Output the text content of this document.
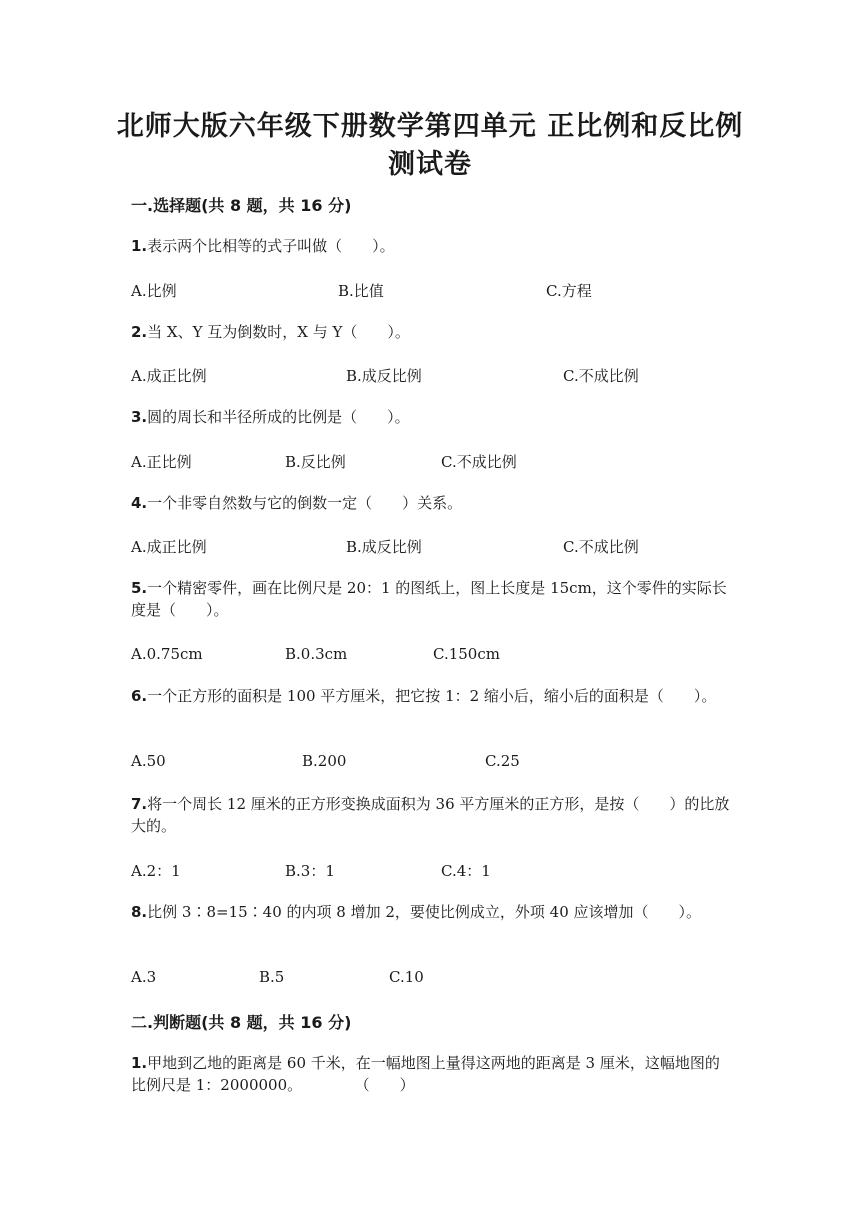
北师大版六年级下册数学第四单元 正比例和反比例
测试卷
一.选择题(共 8 题，共 16 分)
1.表示两个比相等的式子叫做（　　）。
A.比例	B.比值	C.方程
2.当 X、Y 互为倒数时，X 与 Y（　　）。
A.成正比例	B.成反比例	C.不成比例
3.圆的周长和半径所成的比例是（　　）。
A.正比例	B.反比例	C.不成比例
4.一个非零自然数与它的倒数一定（　　）关系。
A.成正比例	B.成反比例	C.不成比例
5.一个精密零件，画在比例尺是 20：1 的图纸上，图上长度是 15cm，这个零件的实际长度是（　　）。
A.0.75cm	B.0.3cm	C.150cm
6.一个正方形的面积是 100 平方厘米，把它按 1：2 缩小后，缩小后的面积是（　　）。
A.50	B.200	C.25
7.将一个周长 12 厘米的正方形变换成面积为 36 平方厘米的正方形，是按（　　）的比放大的。
A.2：1	B.3：1	C.4：1
8.比例 3∶8=15∶40 的内项 8 增加 2，要使比例成立，外项 40 应该增加（　　）。
A.3	B.5	C.10
二.判断题(共 8 题，共 16 分)
1.甲地到乙地的距离是 60 千米，在一幅地图上量得这两地的距离是 3 厘米，这幅地图的比例尺是 1：2000000。	（　　）
